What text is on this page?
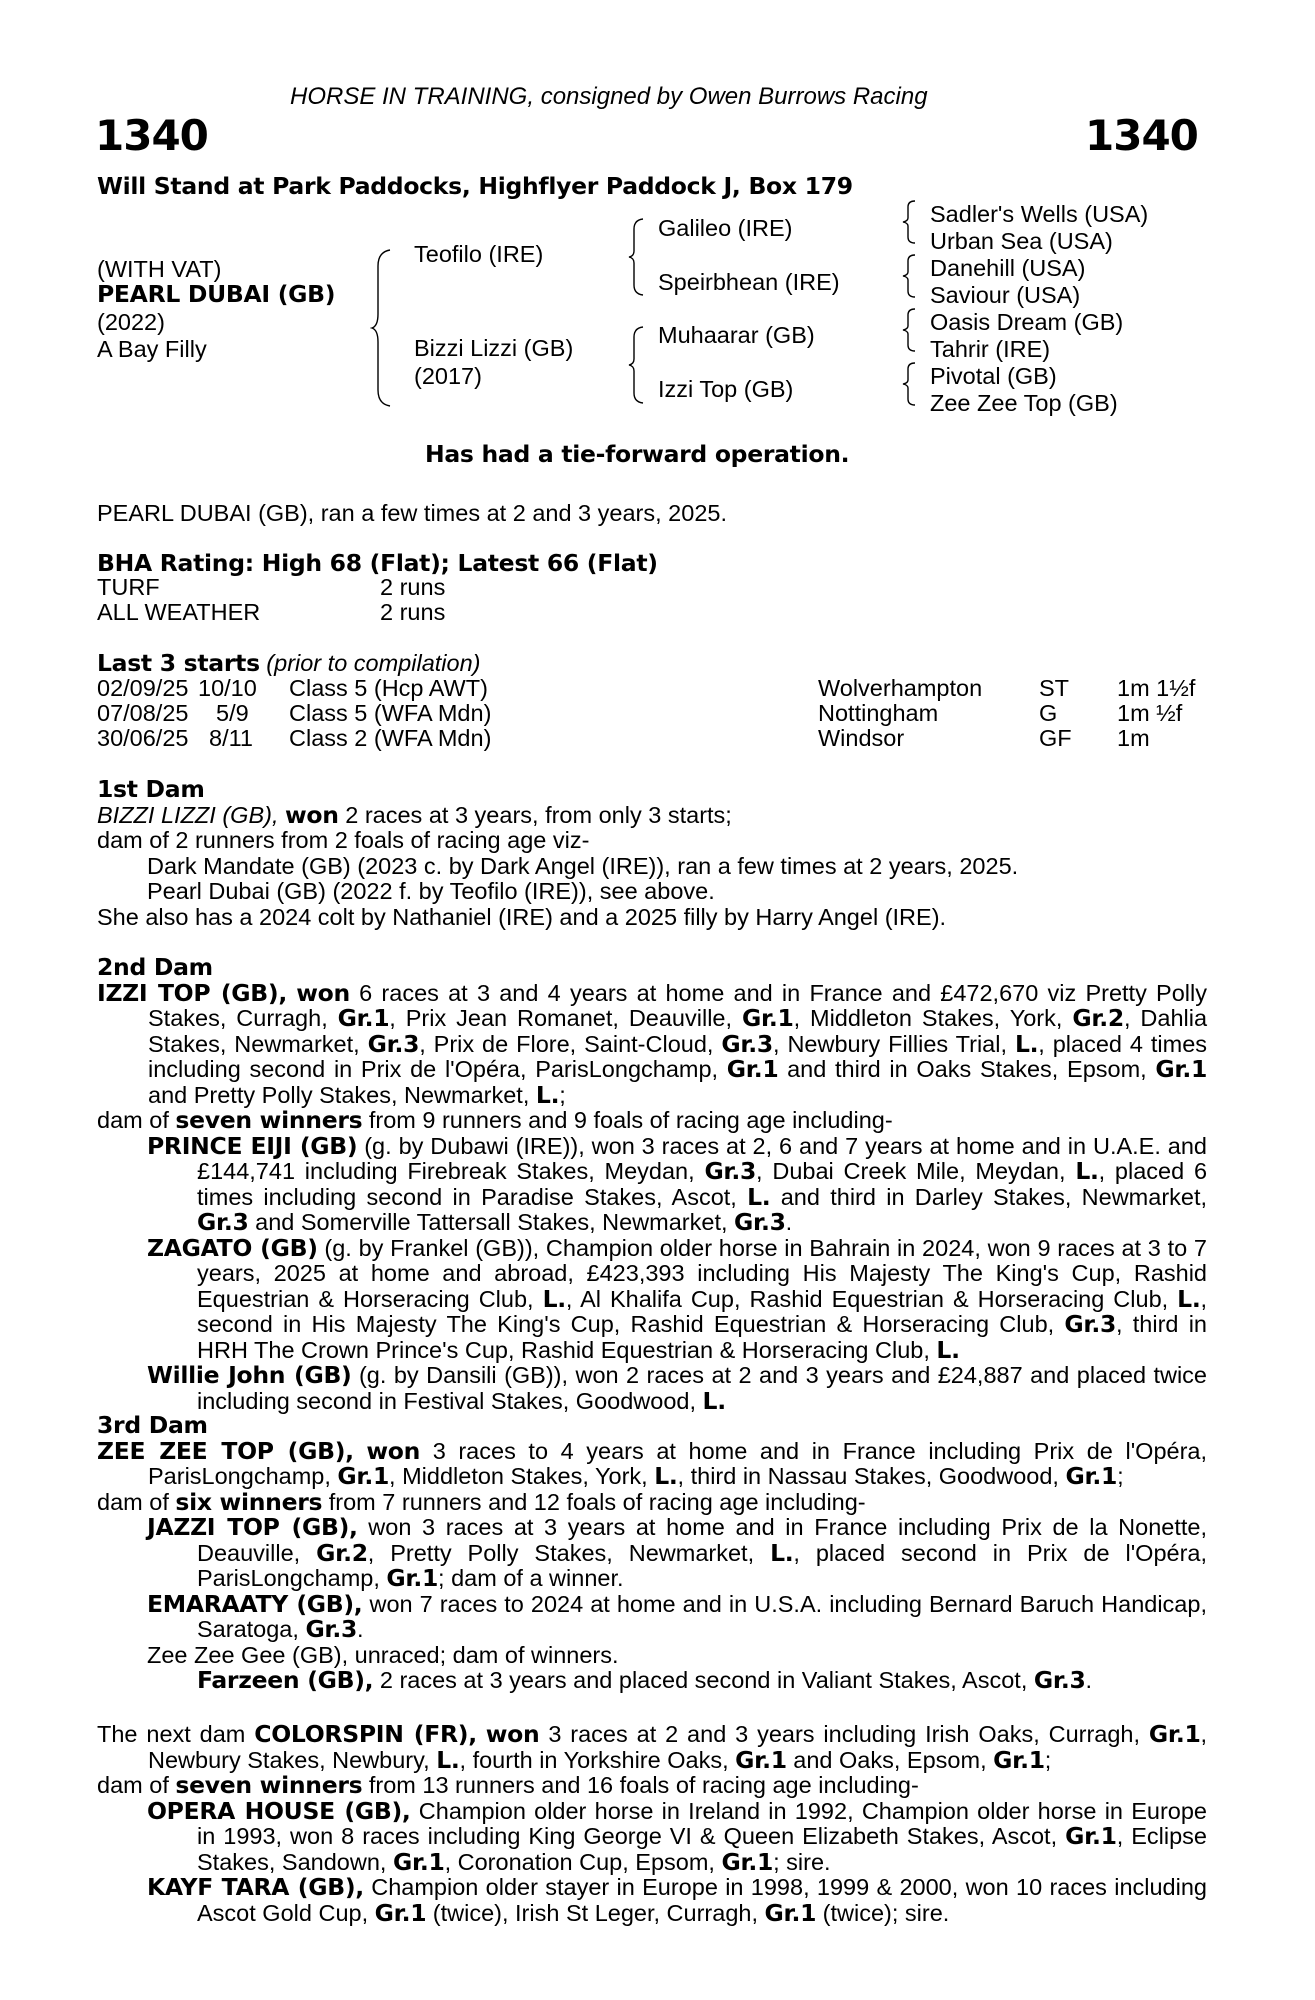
HORSE IN TRAINING, consigned by Owen Burrows Racing
1340	1340
Will Stand at Park Paddocks, Highflyer Paddock J, Box 179
(WITH VAT)
PEARL DUBAI (GB)
(2022)
A Bay Filly
Teofilo (IRE)
Bizzi Lizzi (GB)
(2017)
Galileo (IRE)
Speirbhean (IRE)
Muhaarar (GB)
Izzi Top (GB)
Sadler's Wells (USA)
Urban Sea (USA)
Danehill (USA)
Saviour (USA)
Oasis Dream (GB)
Tahrir (IRE)
Pivotal (GB)
Zee Zee Top (GB)
Has had a tie-forward operation.
PEARL DUBAI (GB), ran a few times at 2 and 3 years, 2025.
BHA Rating: High 68 (Flat); Latest 66 (Flat)
TURF	2 runs
ALL WEATHER	2 runs
Last 3 starts (prior to compilation)
02/09/25 10/10 Class 5 (Hcp AWT)	Wolverhampton ST 1m 1½f
07/08/25 5/9 Class 5 (WFA Mdn)	Nottingham	G	1m ½f
30/06/25 8/11 Class 2 (WFA Mdn)	Windsor	GF 1m

1st Dam

BIZZI LIZZI (GB), won 2 races at 3 years, from only 3 starts;

dam of 2 runners from 2 foals of racing age viz-

Dark Mandate (GB) (2023 c. by Dark Angel (IRE)), ran a few times at 2 years, 2025.

Pearl Dubai (GB) (2022 f. by Teofilo (IRE)), see above.

She also has a 2024 colt by Nathaniel (IRE) and a 2025 filly by Harry Angel (IRE).

2nd Dam

IZZI TOP (GB), won 6 races at 3 and 4 years at home and in France and £472,670 viz Pretty Polly Stakes, Curragh, Gr.1, Prix Jean Romanet, Deauville, Gr.1, Middleton Stakes, York, Gr.2, Dahlia Stakes, Newmarket, Gr.3, Prix de Flore, Saint-Cloud, Gr.3, Newbury Fillies Trial, L., placed 4 times including second in Prix de l'Opéra, ParisLongchamp, Gr.1 and third in Oaks Stakes, Epsom, Gr.1 and Pretty Polly Stakes, Newmarket, L.;

dam of seven winners from 9 runners and 9 foals of racing age including-

PRINCE EIJI (GB) (g. by Dubawi (IRE)), won 3 races at 2, 6 and 7 years at home and in U.A.E. and £144,741 including Firebreak Stakes, Meydan, Gr.3, Dubai Creek Mile, Meydan, L., placed 6 times including second in Paradise Stakes, Ascot, L. and third in Darley Stakes, Newmarket, Gr.3 and Somerville Tattersall Stakes, Newmarket, Gr.3.

ZAGATO (GB) (g. by Frankel (GB)), Champion older horse in Bahrain in 2024, won 9 races at 3 to 7 years, 2025 at home and abroad, £423,393 including His Majesty The King's Cup, Rashid Equestrian & Horseracing Club, L., Al Khalifa Cup, Rashid Equestrian & Horseracing Club, L., second in His Majesty The King's Cup, Rashid Equestrian & Horseracing Club, Gr.3, third in HRH The Crown Prince's Cup, Rashid Equestrian & Horseracing Club, L.

Willie John (GB) (g. by Dansili (GB)), won 2 races at 2 and 3 years and £24,887 and placed twice including second in Festival Stakes, Goodwood, L.

3rd Dam

ZEE ZEE TOP (GB), won 3 races to 4 years at home and in France including Prix de l'Opéra, ParisLongchamp, Gr.1, Middleton Stakes, York, L., third in Nassau Stakes, Goodwood, Gr.1;

dam of six winners from 7 runners and 12 foals of racing age including-

JAZZI TOP (GB), won 3 races at 3 years at home and in France including Prix de la Nonette, Deauville, Gr.2, Pretty Polly Stakes, Newmarket, L., placed second in Prix de l'Opéra, ParisLongchamp, Gr.1; dam of a winner.

EMARAATY (GB), won 7 races to 2024 at home and in U.S.A. including Bernard Baruch Handicap, Saratoga, Gr.3.

Zee Zee Gee (GB), unraced; dam of winners.

Farzeen (GB), 2 races at 3 years and placed second in Valiant Stakes, Ascot, Gr.3.

The next dam COLORSPIN (FR), won 3 races at 2 and 3 years including Irish Oaks, Curragh, Gr.1, Newbury Stakes, Newbury, L., fourth in Yorkshire Oaks, Gr.1 and Oaks, Epsom, Gr.1;

dam of seven winners from 13 runners and 16 foals of racing age including-

OPERA HOUSE (GB), Champion older horse in Ireland in 1992, Champion older horse in Europe in 1993, won 8 races including King George VI & Queen Elizabeth Stakes, Ascot, Gr.1, Eclipse Stakes, Sandown, Gr.1, Coronation Cup, Epsom, Gr.1; sire.

KAYF TARA (GB), Champion older stayer in Europe in 1998, 1999 & 2000, won 10 races including Ascot Gold Cup, Gr.1 (twice), Irish St Leger, Curragh, Gr.1 (twice); sire.
